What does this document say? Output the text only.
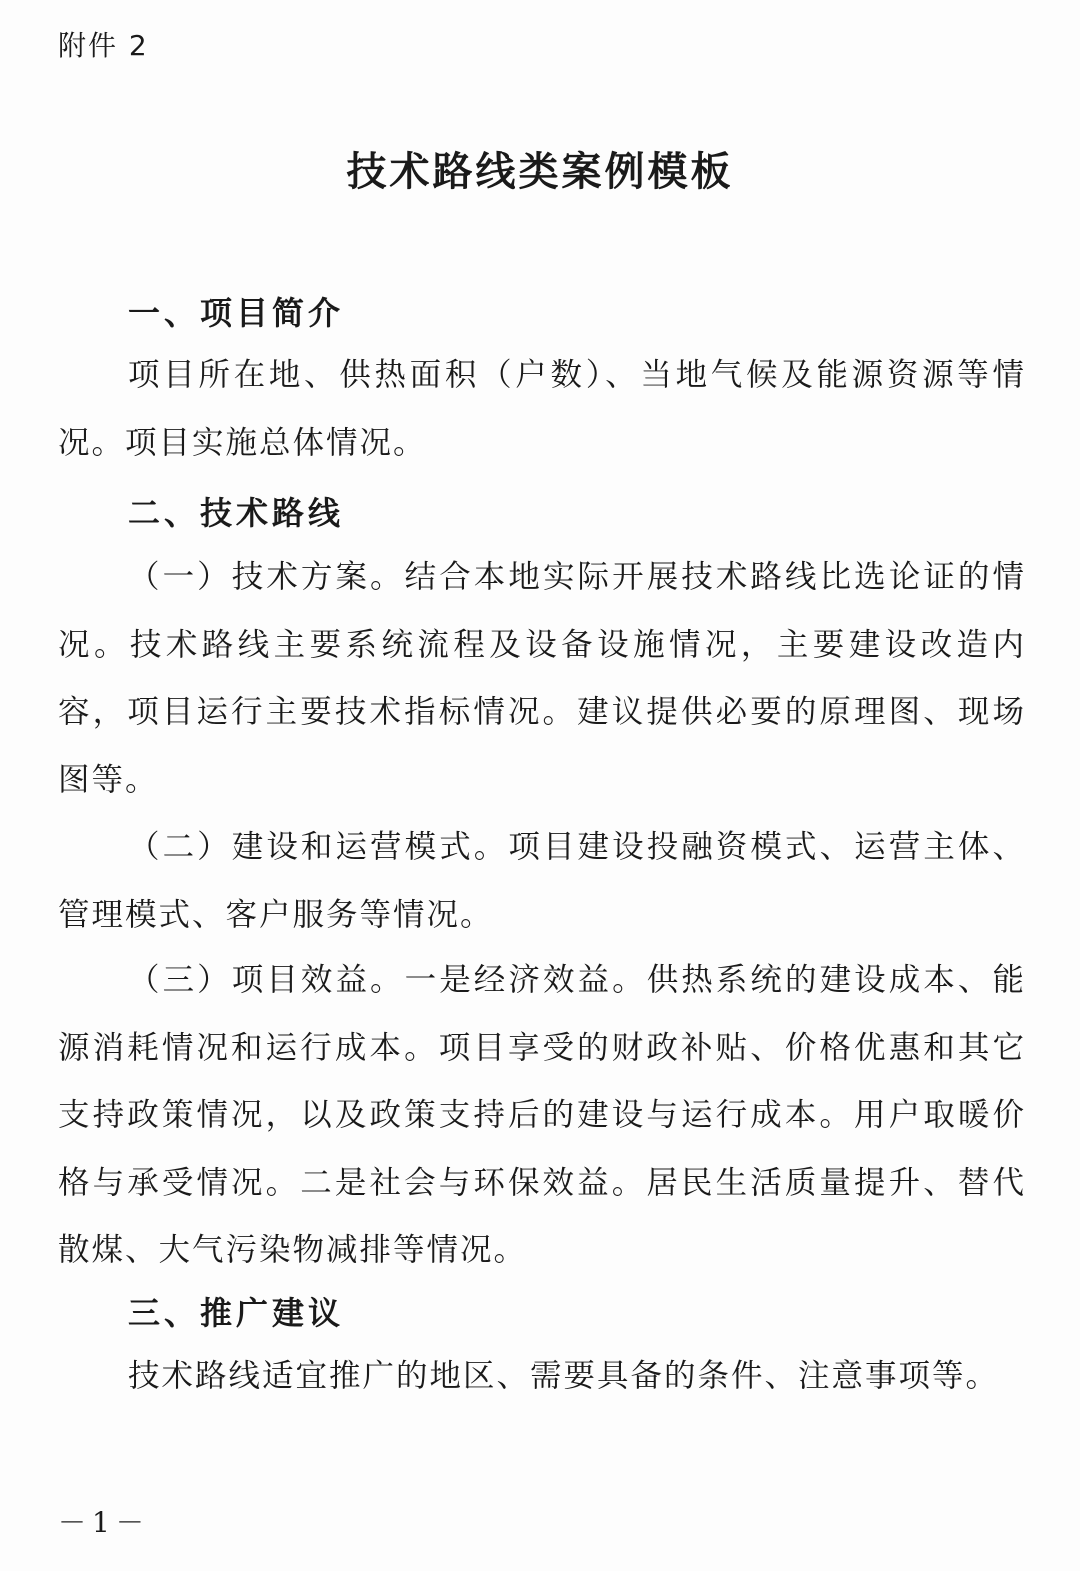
附件 2
技术路线类案例模板
一、项目简介

项目所在地、供热面积（户数）、当地气候及能源资源等情况。项目实施总体情况。

二、技术路线

（一）技术方案。结合本地实际开展技术路线比选论证的情况。技术路线主要系统流程及设备设施情况，主要建设改造内容，项目运行主要技术指标情况。建议提供必要的原理图、现场图等。

（二）建设和运营模式。项目建设投融资模式、运营主体、管理模式、客户服务等情况。

（三）项目效益。一是经济效益。供热系统的建设成本、能源消耗情况和运行成本。项目享受的财政补贴、价格优惠和其它支持政策情况，以及政策支持后的建设与运行成本。用户取暖价格与承受情况。二是社会与环保效益。居民生活质量提升、替代散煤、大气污染物减排等情况。

三、推广建议

技术路线适宜推广的地区、需要具备的条件、注意事项等。

－1－
